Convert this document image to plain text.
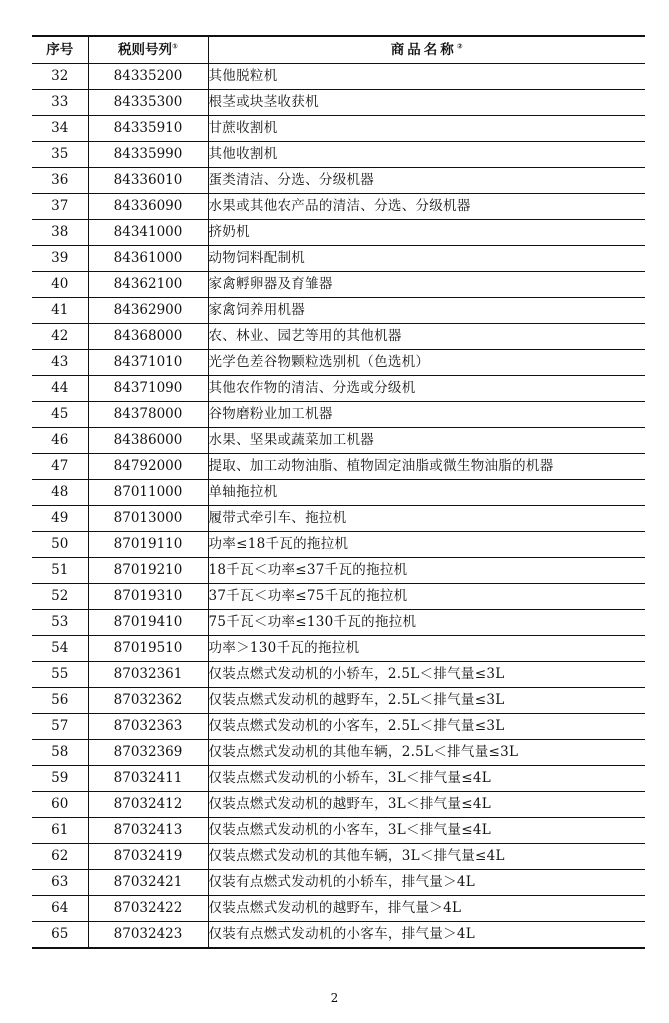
序号	税则号列①	商品名称②
32	84335200	其他脱粒机
33	84335300	根茎或块茎收获机
34	84335910	甘蔗收割机
35	84335990	其他收割机
36	84336010	蛋类清洁、分选、分级机器
37	84336090	水果或其他农产品的清洁、分选、分级机器
38	84341000	挤奶机
39	84361000	动物饲料配制机
40	84362100	家禽孵卵器及育雏器
41	84362900	家禽饲养用机器
42	84368000	农、林业、园艺等用的其他机器
43	84371010	光学色差谷物颗粒选别机（色选机）
44	84371090	其他农作物的清洁、分选或分级机
45	84378000	谷物磨粉业加工机器
46	84386000	水果、坚果或蔬菜加工机器
47	84792000	提取、加工动物油脂、植物固定油脂或微生物油脂的机器
48	87011000	单轴拖拉机
49	87013000	履带式牵引车、拖拉机
50	87019110	功率≤18千瓦的拖拉机
51	87019210	18千瓦＜功率≤37千瓦的拖拉机
52	87019310	37千瓦＜功率≤75千瓦的拖拉机
53	87019410	75千瓦＜功率≤130千瓦的拖拉机
54	87019510	功率＞130千瓦的拖拉机
55	87032361	仅装点燃式发动机的小轿车，2.5L＜排气量≤3L
56	87032362	仅装点燃式发动机的越野车，2.5L＜排气量≤3L
57	87032363	仅装点燃式发动机的小客车，2.5L＜排气量≤3L
58	87032369	仅装点燃式发动机的其他车辆，2.5L＜排气量≤3L
59	87032411	仅装点燃式发动机的小轿车，3L＜排气量≤4L
60	87032412	仅装点燃式发动机的越野车，3L＜排气量≤4L
61	87032413	仅装点燃式发动机的小客车，3L＜排气量≤4L
62	87032419	仅装点燃式发动机的其他车辆，3L＜排气量≤4L
63	87032421	仅装有点燃式发动机的小轿车，排气量＞4L
64	87032422	仅装点燃式发动机的越野车，排气量＞4L
65	87032423	仅装有点燃式发动机的小客车，排气量＞4L
2
